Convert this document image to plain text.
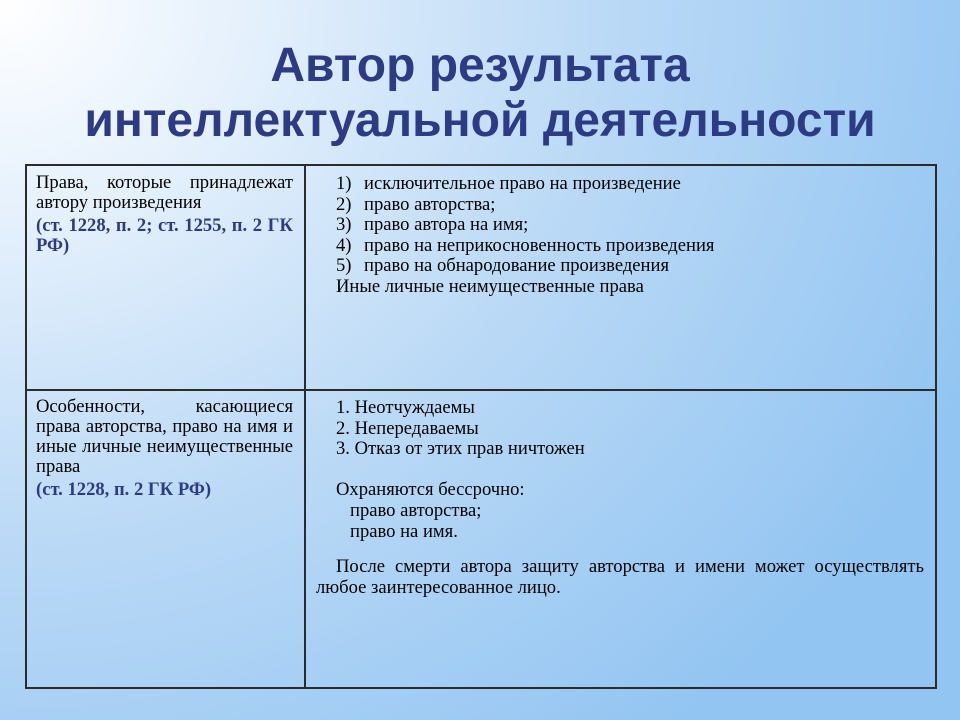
Автор результата
интеллектуальной деятельности

Права, которые принадлежат автору произведения

(ст. 1228, п. 2; ст. 1255, п. 2 ГК РФ)

1) исключительное право на произведение
2) право авторства;
3) право автора на имя;
4) право на неприкосновенность произведения
5) право на обнародование произведения
Иные личные неимущественные права

Особенности, касающиеся права авторства, право на имя и иные личные неимущественные права

(ст. 1228, п. 2 ГК РФ)

1. Неотчуждаемы
2. Непередаваемы
3. Отказ от этих прав ничтожен
Охраняются бессрочно:
право авторства;
право на имя.

После смерти автора защиту авторства и имени может осуществлять любое заинтересованное лицо.
